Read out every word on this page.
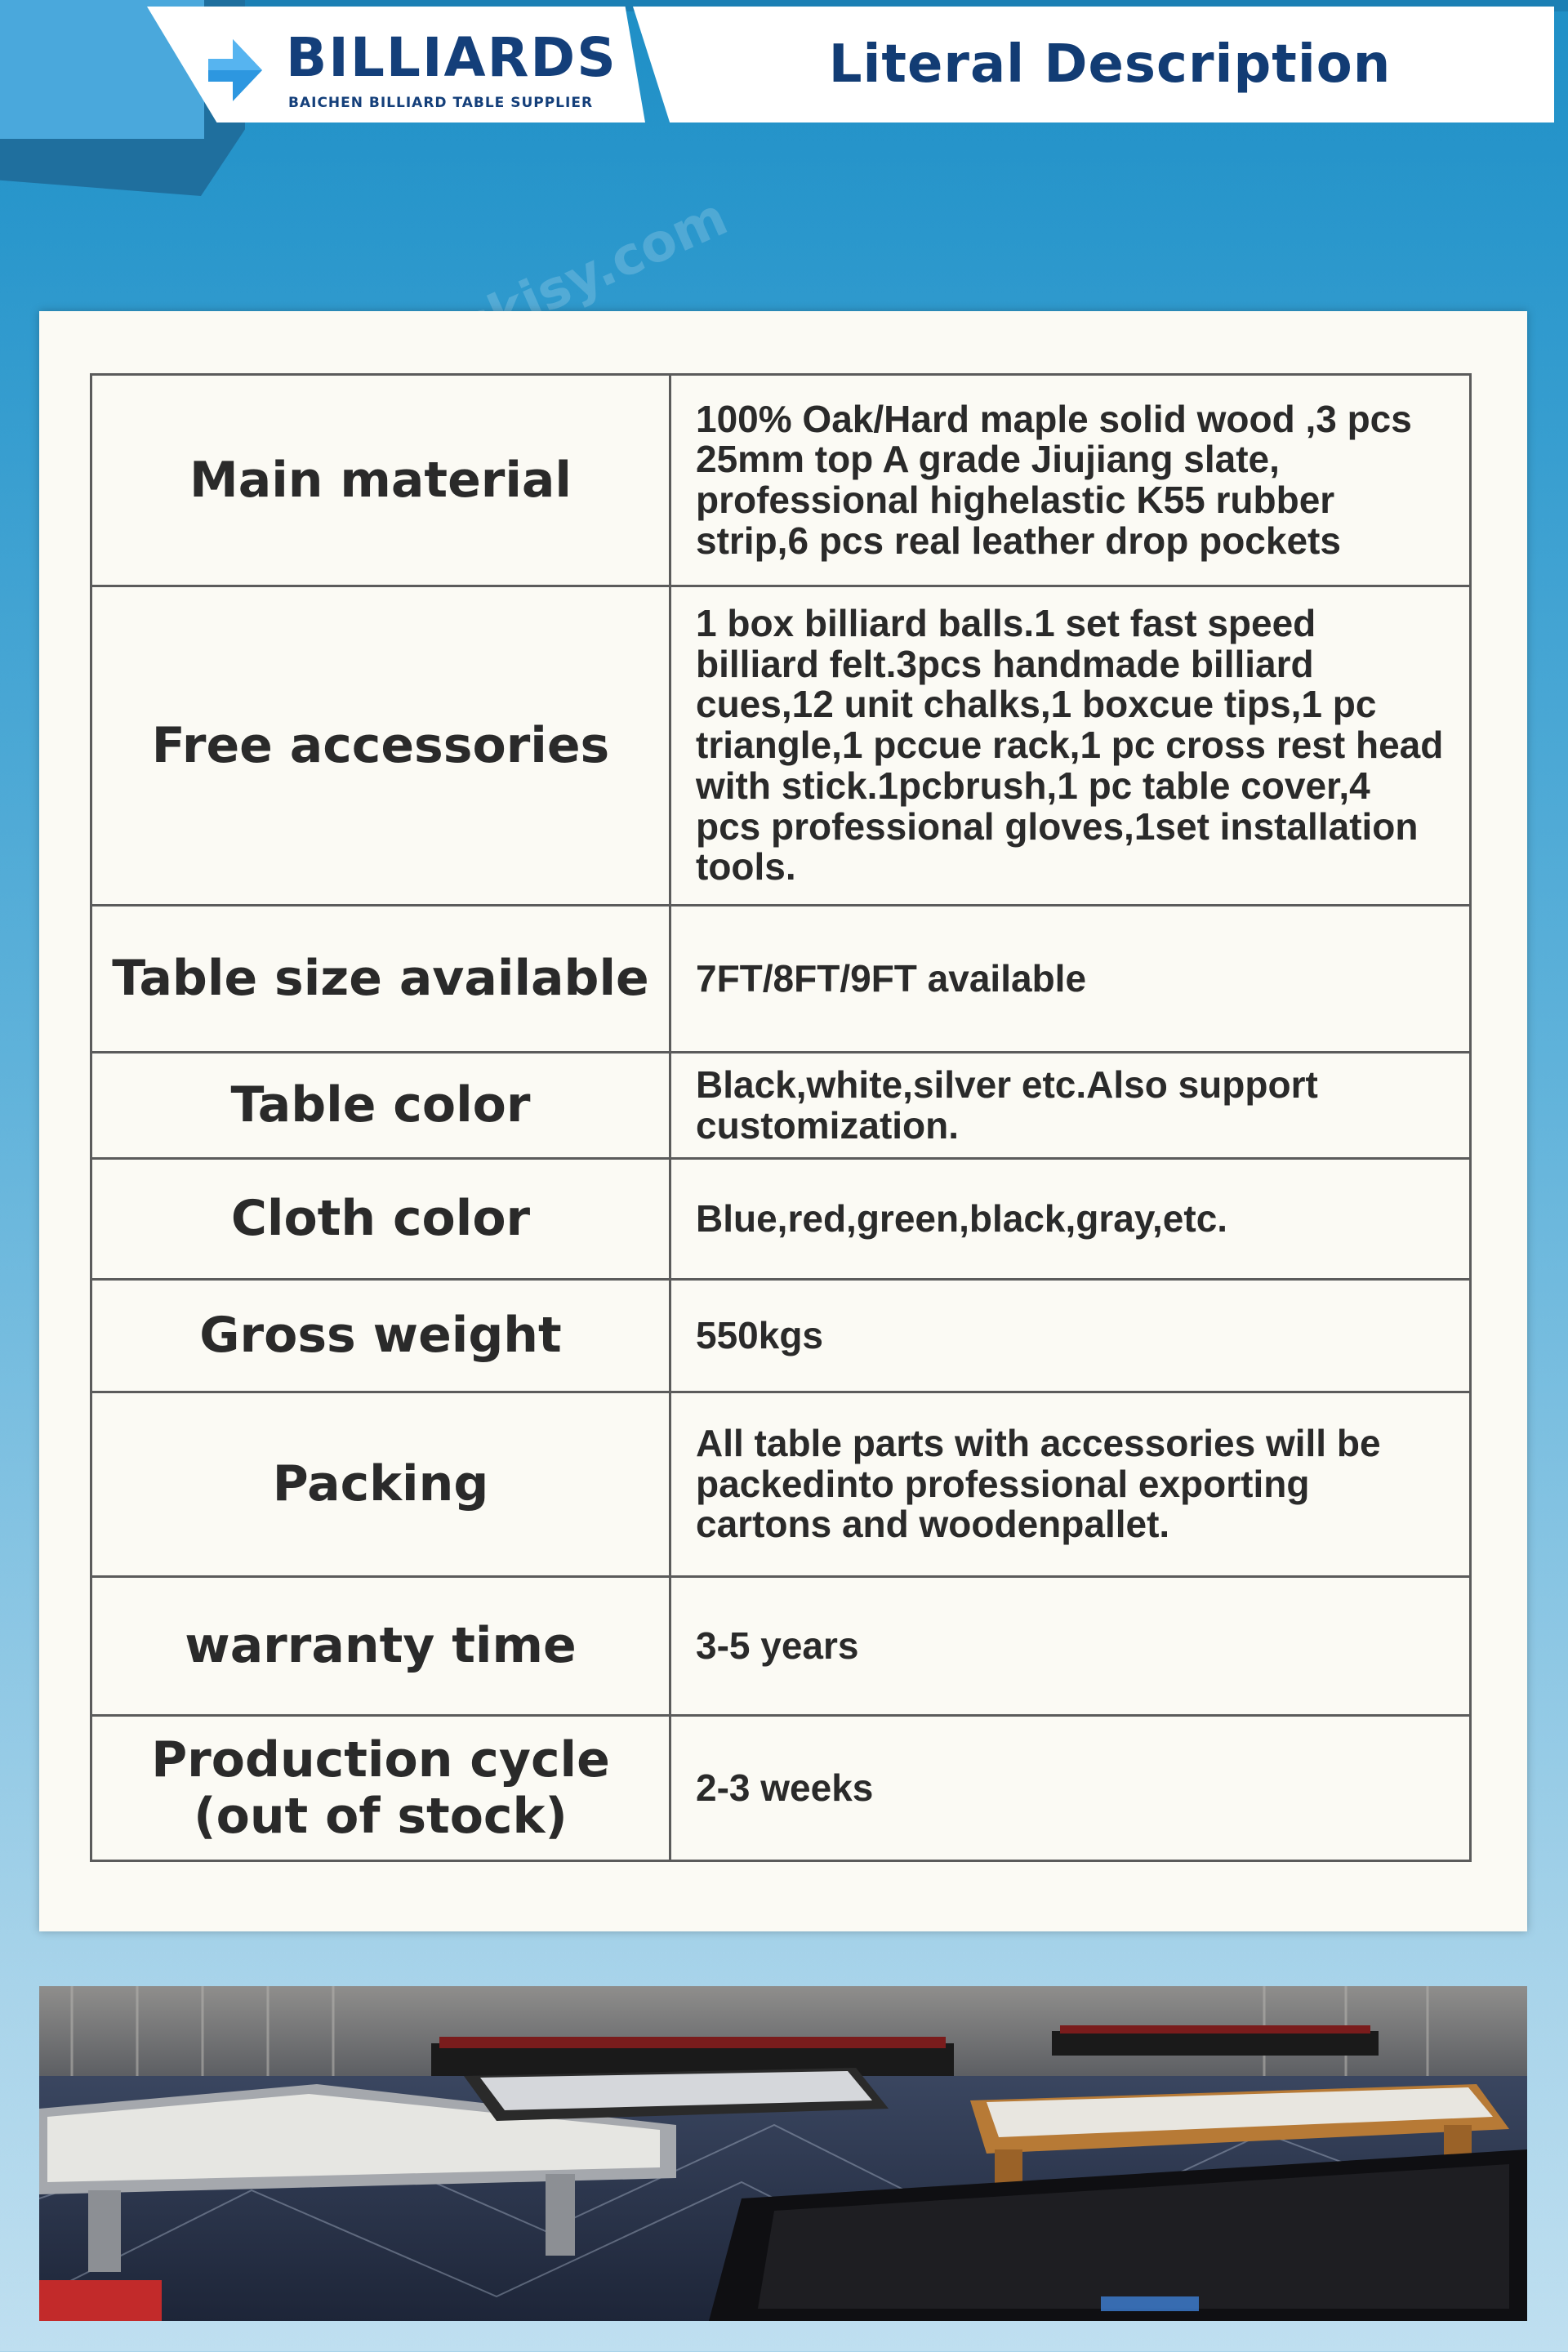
BILLIARDS
BAICHEN BILLIARD TABLE SUPPLIER
Literal Description
Main material	100% Oak/Hard maple solid wood ,3 pcs 25mm top A grade Jiujiang slate, professional highelastic K55 rubber strip,6 pcs real leather drop pockets
Free accessories	1 box billiard balls.1 set fast speed billiard felt.3pcs handmade billiard cues,12 unit chalks,1 boxcue tips,1 pc triangle,1 pccue rack,1 pc cross rest head with stick.1pcbrush,1 pc table cover,4 pcs professional gloves,1set installation tools.
Table size available	7FT/8FT/9FT available
Table color	Black,white,silver etc.Also support customization.
Cloth color	Blue,red,green,black,gray,etc.
Gross weight	550kgs
Packing	All table parts with accessories will be packedinto professional exporting cartons and woodenpallet.
warranty time	3-5 years
Production cycle (out of stock)	2-3 weeks
